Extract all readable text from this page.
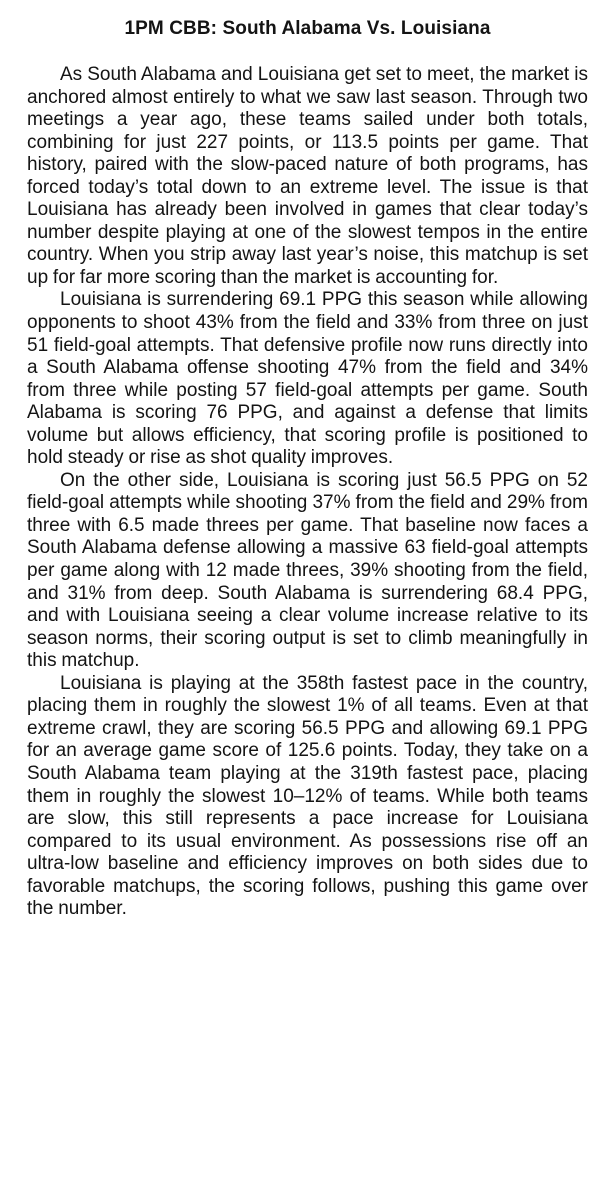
1PM CBB: South Alabama Vs. Louisiana

As South Alabama and Louisiana get set to meet, the market is anchored almost entirely to what we saw last season. Through two meetings a year ago, these teams sailed under both totals, combining for just 227 points, or 113.5 points per game. That history, paired with the slow-paced nature of both programs, has forced today’s total down to an extreme level. The issue is that Louisiana has already been involved in games that clear today’s number despite playing at one of the slowest tempos in the entire country. When you strip away last year’s noise, this matchup is set up for far more scoring than the market is accounting for.

Louisiana is surrendering 69.1 PPG this season while allowing opponents to shoot 43% from the field and 33% from three on just 51 field-goal attempts. That defensive profile now runs directly into a South Alabama offense shooting 47% from the field and 34% from three while posting 57 field-goal attempts per game. South Alabama is scoring 76 PPG, and against a defense that limits volume but allows efficiency, that scoring profile is positioned to hold steady or rise as shot quality improves.

On the other side, Louisiana is scoring just 56.5 PPG on 52 field-goal attempts while shooting 37% from the field and 29% from three with 6.5 made threes per game. That baseline now faces a South Alabama defense allowing a massive 63 field-goal attempts per game along with 12 made threes, 39% shooting from the field, and 31% from deep. South Alabama is surrendering 68.4 PPG, and with Louisiana seeing a clear volume increase relative to its season norms, their scoring output is set to climb meaningfully in this matchup.

Louisiana is playing at the 358th fastest pace in the country, placing them in roughly the slowest 1% of all teams. Even at that extreme crawl, they are scoring 56.5 PPG and allowing 69.1 PPG for an average game score of 125.6 points. Today, they take on a South Alabama team playing at the 319th fastest pace, placing them in roughly the slowest 10–12% of teams. While both teams are slow, this still represents a pace increase for Louisiana compared to its usual environment. As possessions rise off an ultra-low baseline and efficiency improves on both sides due to favorable matchups, the scoring follows, pushing this game over the number.
